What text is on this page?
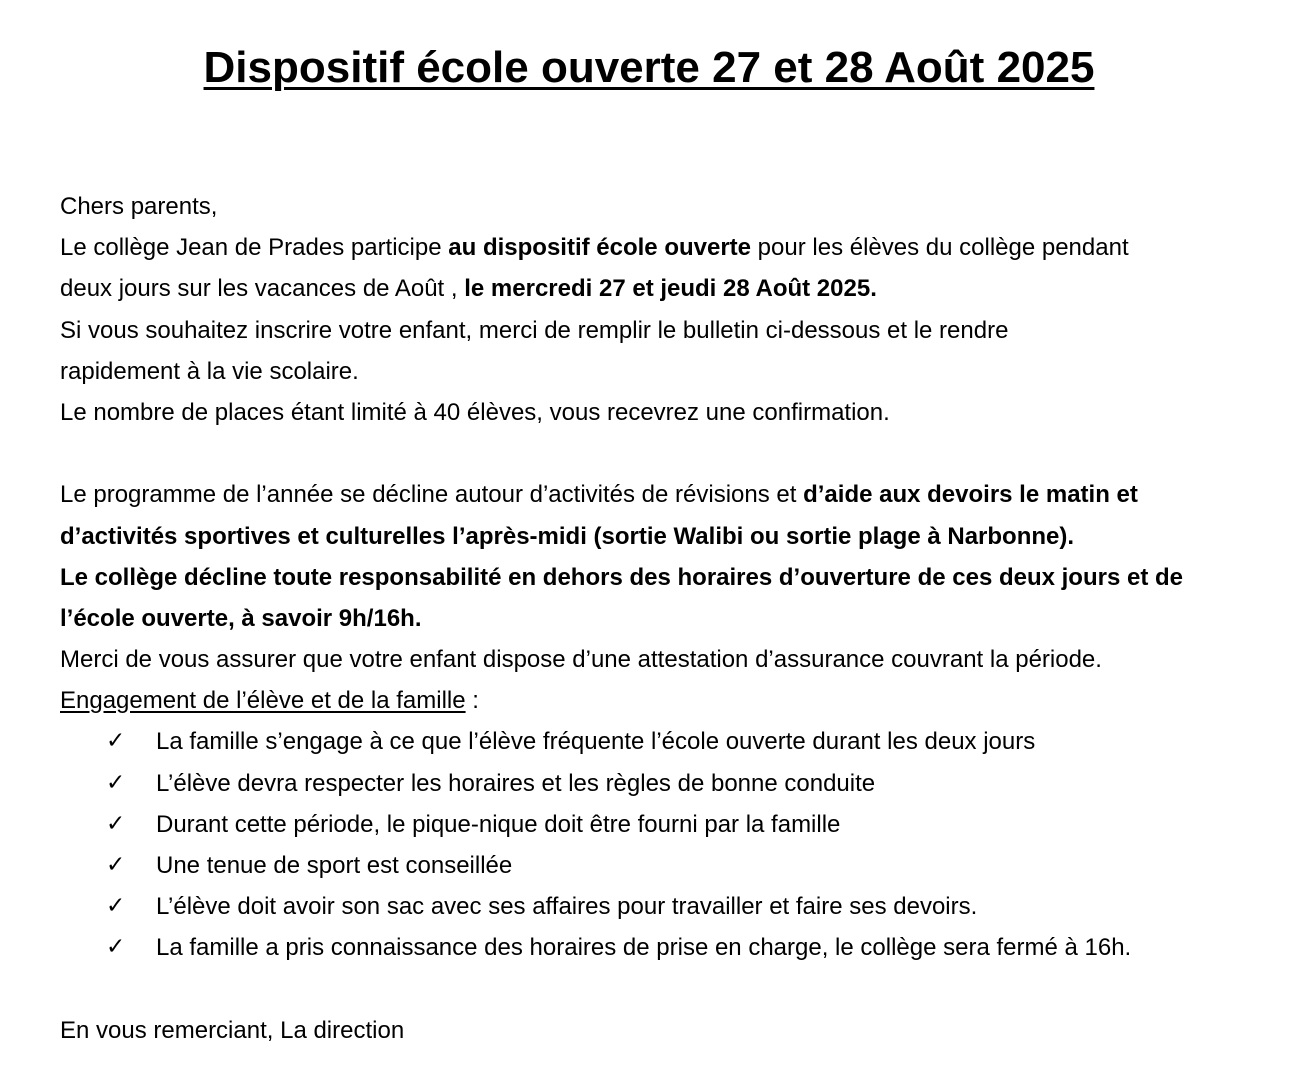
Dispositif école ouverte 27 et 28 Août 2025
Chers parents,
Le collège Jean de Prades participe au dispositif école ouverte pour les élèves du collège pendant
deux jours sur les vacances de Août , le mercredi 27 et jeudi 28 Août 2025.
Si vous souhaitez inscrire votre enfant, merci de remplir le bulletin ci-dessous et le rendre
rapidement à la vie scolaire.
Le nombre de places étant limité à 40 élèves, vous recevrez une confirmation.
Le programme de l’année se décline autour d’activités de révisions et d’aide aux devoirs le matin et
d’activités sportives et culturelles l’après-midi (sortie Walibi ou sortie plage à Narbonne).
Le collège décline toute responsabilité en dehors des horaires d’ouverture de ces deux jours et de
l’école ouverte, à savoir 9h/16h.
Merci de vous assurer que votre enfant dispose d’une attestation d’assurance couvrant la période.
Engagement de l’élève et de la famille :
✓ La famille s’engage à ce que l’élève fréquente l’école ouverte durant les deux jours
✓ L’élève devra respecter les horaires et les règles de bonne conduite
✓ Durant cette période, le pique-nique doit être fourni par la famille
✓ Une tenue de sport est conseillée
✓ L’élève doit avoir son sac avec ses affaires pour travailler et faire ses devoirs.
✓ La famille a pris connaissance des horaires de prise en charge, le collège sera fermé à 16h.
En vous remerciant, La direction
